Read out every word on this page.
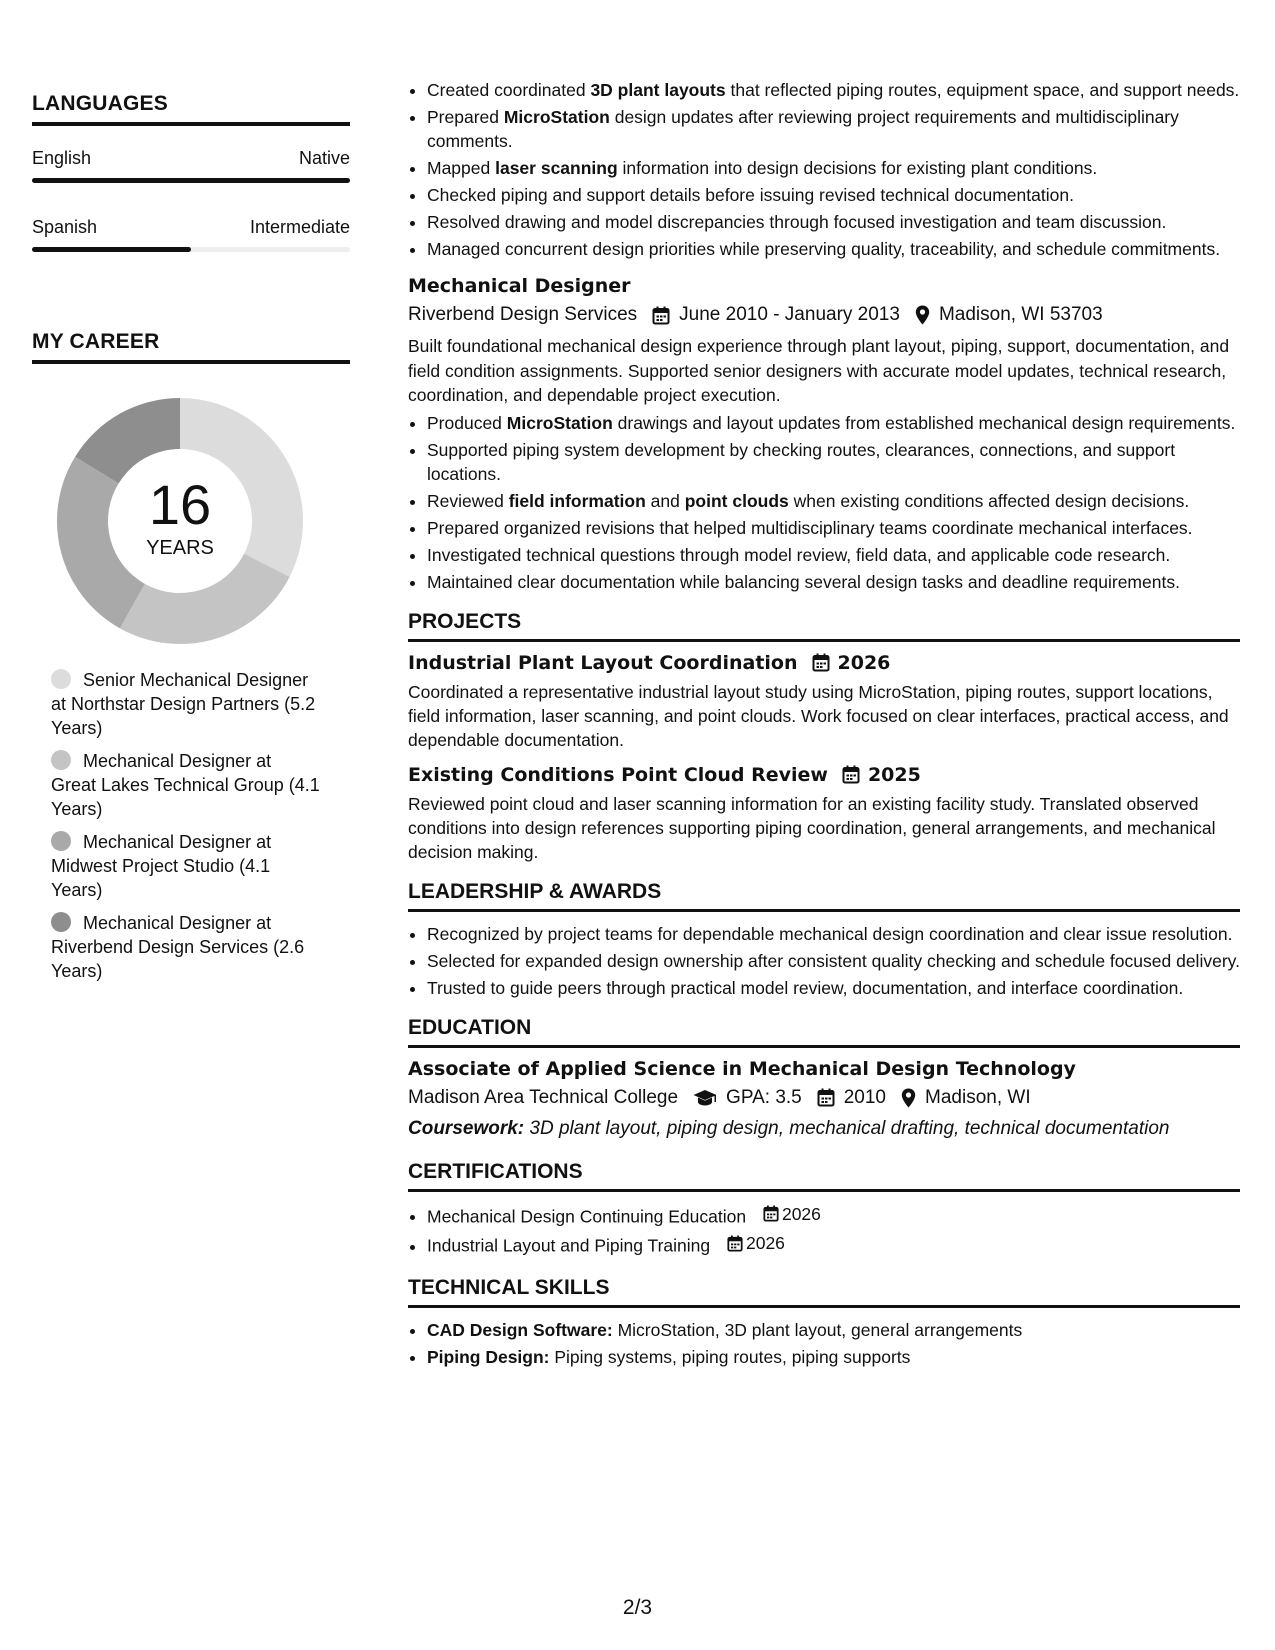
LANGUAGES
English	Native
Spanish	Intermediate
MY CAREER
16
YEARS
Senior Mechanical Designer at Northstar Design Partners (5.2 Years)
Mechanical Designer at Great Lakes Technical Group (4.1 Years)
Mechanical Designer at Midwest Project Studio (4.1 Years)
Mechanical Designer at Riverbend Design Services (2.6 Years)
• Created coordinated 3D plant layouts that reflected piping routes, equipment space, and support needs.
• Prepared MicroStation design updates after reviewing project requirements and multidisciplinary comments.
• Mapped laser scanning information into design decisions for existing plant conditions.
• Checked piping and support details before issuing revised technical documentation.
• Resolved drawing and model discrepancies through focused investigation and team discussion.
• Managed concurrent design priorities while preserving quality, traceability, and schedule commitments.
Mechanical Designer
Riverbend Design Services June 2010 - January 2013 Madison, WI 53703

Built foundational mechanical design experience through plant layout, piping, support, documentation, and field condition assignments. Supported senior designers with accurate model updates, technical research, coordination, and dependable project execution.

• Produced MicroStation drawings and layout updates from established mechanical design requirements.
• Supported piping system development by checking routes, clearances, connections, and support locations.
• Reviewed field information and point clouds when existing conditions affected design decisions.
• Prepared organized revisions that helped multidisciplinary teams coordinate mechanical interfaces.
• Investigated technical questions through model review, field data, and applicable code research.
• Maintained clear documentation while balancing several design tasks and deadline requirements.
PROJECTS
Industrial Plant Layout Coordination 2026

Coordinated a representative industrial layout study using MicroStation, piping routes, support locations, field information, laser scanning, and point clouds. Work focused on clear interfaces, practical access, and dependable documentation.

Existing Conditions Point Cloud Review 2025

Reviewed point cloud and laser scanning information for an existing facility study. Translated observed conditions into design references supporting piping coordination, general arrangements, and mechanical decision making.

LEADERSHIP & AWARDS
• Recognized by project teams for dependable mechanical design coordination and clear issue resolution.
• Selected for expanded design ownership after consistent quality checking and schedule focused delivery.
• Trusted to guide peers through practical model review, documentation, and interface coordination.
EDUCATION
Associate of Applied Science in Mechanical Design Technology
Madison Area Technical College	GPA: 3.5 2010 Madison, WI
Coursework: 3D plant layout, piping design, mechanical drafting, technical documentation
CERTIFICATIONS
• Mechanical Design Continuing Education 2026
• Industrial Layout and Piping Training 2026
TECHNICAL SKILLS
• CAD Design Software: MicroStation, 3D plant layout, general arrangements
• Piping Design: Piping systems, piping routes, piping supports
2/3
